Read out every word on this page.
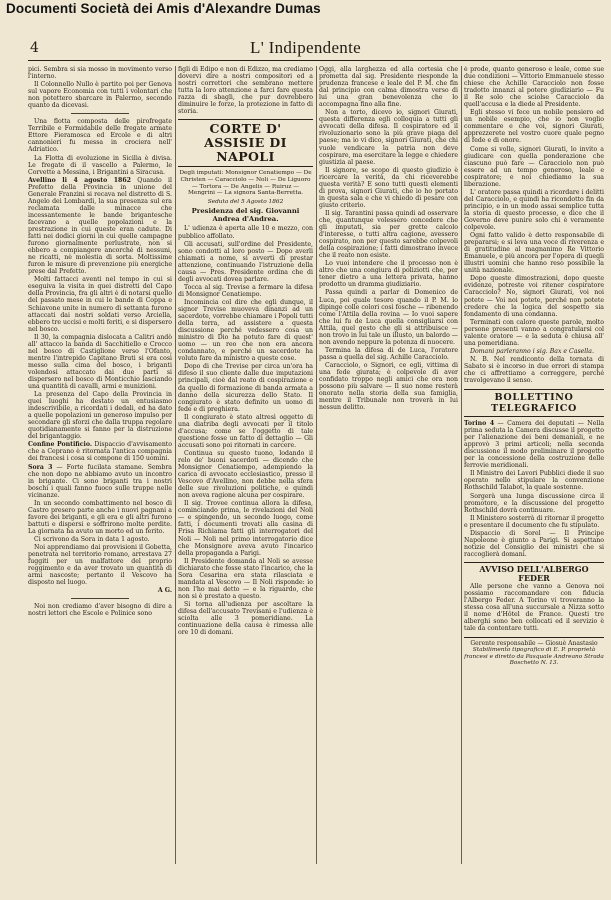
Documenti Società dei Amis d'Alexandre Dumas
4	L' Indipendente

pici. Sembra si sia mosso in movimento verso l'interno.

Il Colonnello Nullo è partito poi per Genova sul vapore Economia con tutti i volontari che non potettero sbarcare in Palermo, secondo quanto da dicevasi.

Una flotta composta delle pirofregate Terribile e Formidabile delle fregate armate Ettore Fieramosca ed Ercole e di altri cannonieri fu messa in crociera nell' Adriatico.

La Flotta di evoluzione in Sicilia è divisa. Le fregate di il vascello a Palermo, le Corvette a Messina, i Brigantini a Siracusa.

Avellino li 4 agosto 1862 Quando il Prefetto della Provincia in unione del Generale Franzini si recava nel distretto di S. Angelo dei Lombardi, la sua presenza sul era reclamata dalle minacce che incessantemente le bande brigantesche facevano a quelle popolazioni e la prestrazione in cui queste eran cadute. Di fatti nei dodici giorni in cui quelle campagne furono giornalmente perlustrate, non si ebbero a compiangere ancorché di nessuni, ne ricatti, nè molestia di sorta. Moltissime furon le misure di prevenzione più energiche prese dal Prefetto.

Molti fattacci aventi nel tempo in cui si eseguiva la visita in quei distretti del Capo della Provincia, fra gli altri è di notarsi quello del passato mese in cui le bande di Coppa e Schiavone unite in numero di settanta furono attaccati dai nostri soldati verso Arciella, ebbero tre uccisi e molti feriti, e si dispersero nel bosco.

Il 30, la compagnia dislocata a Calitri andò all' attacco la banda di Sacchitiello e Crocco nel bosco di Castiglione verso l'Ofanto, mentre l'intrepido Capitano Bruti si era così messo sulla cima del bosco, i briganti volendosi attaccato dai due parti si dispersero nel bosco di Monticchio lasciando una quantità di cavalli, armi e munizioni.

La presenza del Capo della Provincia in quei luoghi ha destato un entusiasmo indescrivibile, a ricordati i dedali, ed ha dato a quelle popolazioni un generoso impulso per secondare gli sforzi che dalla truppa regolare quotidianamente si fanno per la distruzione del brigantaggio.

Confine Pontificio. Dispaccio d'avvisamento che a Ceprano è ritornata l'antica compagnia dei francesi i cosa si compone di 150 uomini.

Sora 3 — Forte fucilata stamane. Sembra che non dopo ne abbiamo avuto un incontro in brigante. Ci sono briganti tra i nostri boschi i quali fanno fuoco sulle truppe nelle vicinanze.

In un secondo combattimento nel bosco di Castro presero parte anche i nuovi pagnani a favore dei briganti, e gli era e gli altri furono battuti e dispersi e soffrirono molte perdite. La giornata ha avuto un morto ed un ferito.

Ci scrivono da Sora in data 1 agosto.

Noi apprendiamo dai provvisioni il Gobetta, penetrata nel territorio romano, arrestava 27 fuggiti per un malfattore del proprio reggimento e da aver trovato un quantità di armi nascoste; pertanto il Vescovo ha disposto nel luogo.

A G.

Noi non crediamo d'aver bisogno di dire a nostri lettori che Escole e Polinice sono

figli di Edipo e non di Edizzo, ma crediamo dovervi dire a nostri compositori ed a nostri correttori che sembrano mettere tutta la loro attenzione a farci fare questa razza di sbagli, che pur dovrebbero diminuire le forze, la protezione in fatto di storia.

CORTE D' ASSISIE DI NAPOLI
Degli imputati: Monsignor Cenatiempo — De Christen — Caracciolo — Noli — De Liguoro — Tortora — De Angelis — Ruiruz — Mengrini — La signora Santa-Berretta.
Seduta del 5 Agosto 1862
Presidenza del sig. Giovanni Andrea d'Andrea.

L' udienza è aperta alle 10 e mezzo, con pubblico affollato.

Gli accusati, sull'ordine del Presidente, sono condotti al loro posto — Dopo averli chiamati a nome, si avvertì di prestar attenzione, continuando l'istruzione della causa — Pres. Presidente ordina che di degli avvocati dovea parlare.

Tocca al sig. Trevise a fermare la difesa di Monsignor Cenatiempo.

Incomincia col dire che egli dunque, il signor Trevise muoveva dinanzi ad un sacerdote, vorrebbe chiamare i Popoli tutti della terra, ad assistere a questa discussione perché vedessero cosa un ministro di Dio ha potuto fare di quest' uomo — un reo che non era ancora condannato, e perché un sacerdote ha voluto fare da ministro a queste cose.

Dopo di che Trevise per circa un'ora ha difeso il suo cliente dalle due imputazioni principali, cioè dal reato di cospirazione e da quello di formazione di banda armata a danno della sicurezza dello Stato. Il congiurato è stato definito un uomo di fede e di preghiera.

Il congiurato è stato altresì oggetto di una diatriba degli avvocati per il titolo d'accusa; come se l'oggetto di tale questione fosse un fatto di dettaglio — Gli accusati sono poi ritornati in carcere.

Continua su questo tuono, lodando il relo de' buoni sacerdoti — dicendo che Monsignor Cenatiempo, adempiendo la carica di avvocato ecclesiastico, presso il Vescovo d'Avellino, non debbe nella sfera delle sue rivoluzioni politiche, e quindi non aveva ragione alcuna per cospirare.

Il sig. Trovee continua allora la difesa, cominciando prima, le rivelazioni del Noli — e spingendo, un secondo luogo, come fatti, i documenti trovati alla casina di Frisa Richiama fatti gli interrogatori del Noli — Noli nel primo interrogatorio dice che Monsignore aveva avuto l'incarico della propaganda a Parigi.

Il Presidente domanda al Noli se avesse dichiarato che fosse stato l'incarico, che la Sora Cesarina era stata rilasciata e mandata al Vescovo — Il Noli risponde: io non l'ho mai detto — e la riguardo, che non si è prestato a questo.

Si torna all'udienza per ascoltare la difesa dell'accusato Trevisani e l'udienza è sciolta alle 3 pomeridiane. La continuazione della causa è rimessa alle ore 10 di domani.

Oggi, alla larghezza ed alla cortesia che prometta dal sig. Presidente riesponde la prudenza francese e leale del P. M. che fin dal principio con calma dimostra verso di lui una gran benevolenza che lo accompagna fino alla fine.

Non a torto, dicevo io, signori Giurati, questa differenza egli colloquia a tutti gli avvocati della difesa. Il cospiratore ed il rivoluzionario sono la più grave piaga del paese; ma io vi dico, signori Giurati, che chi vuole vendicare la patria non deve cospirare, ma esercitare la legge e chiedere giustizia al paese.

Il signore, se scopo di questo giudizio è ricercare la verità, da chi riceverebbe questa verità? E sono tutti questi elementi di prova, signori Giurati, che io ho portato in questa sala e che vi chiedo di pesare con giusto criterio.

Il sig. Tarantini passa quindi ad osservare che, quantunque volessero concedere che gli imputati, sia per grette calcolo d'interesse, o tutti altra cagione, avessero cospirato, non per questo sarebbe colpevoli della cospirazione; i fatti dimostrano invece che il reato non esiste.

Lo vuoi intendere che il processo non è altro che una congiura di poliziotti che, per tener dietro a una lettera privata, hanno prodotto un dramma giudiziario.

Passa quindi a parlar di Domenico de Luca, poi quale tesoro quando il P. M. lo dipinge colle colori così fosche — ribenendo come l'Attila della rovina — Io vuoi sapere che lui fu de Luca quella consigliarsi con Attila, quel gesto che gli si attribuisce — non trovo in lui tale un illusto, un balordo — non avendo neppure la potenza di nuocere.

Termina la difesa di de Luca, l'oratore passa a quella del sig. Achille Caracciolo.

Caracciolo, o Signori, ce egli, vittima di una fede giurata; è colpevole di aver confidato troppo negli amici che ora non possono più salvare — Il suo nome resterà onorato nella storia della sua famiglia, mentre il Tribunale non troverà in lui nessun delitto.

è prode, quanto generoso e leale, come sue due condizioni — Vittorio Emmanuele stesso chiese che Achille Caracciolo non fosse tradotto innanzi al potere giudiziario — Fu il Re solo che sciolse Caracciolo da quell'accusa e la diede al Presidente.

Egli stesso vi fece un nobile pensiero ed un nobile esempio, che io non voglio commentare e che voi, signori Giurati, apprezzerete nel vostro cuore quale pegno di fede e di onore.

Come si volle, signori Giurati, lo invito a giudicare con quella ponderazione che ciascuno può fare — Caracciolo non può essere ad un tempo generoso, leale e cospiratore; e noi chiediamo la sua liberazione.

L' oratore passa quindi a ricordare i delitti del Caracciolo, e quindi ha ricondotto fin da principio, e in un modo assai semplice tutta la storia di questo processo, e dice che il Governo deve punire solo chi è veramente colpevole.

Ogni fatto valido è detto responsabile di prepararsi; e si leva una voce di riverenza e di gratitudine al magnanimo Re Vittorio Emanuele, e più ancora per l'opera di quegli illustri uomini che hanno reso possibile la unità nazionale.

Dopo queste dimostrazioni, dopo queste evidenze, potreste voi ritener cospiratore Caracciolo? No, signori Giurati, voi noi potete — Voi noi potete, perché non potete credere che la logica del sospetto sia fondamento di una condanna.

Terminati con calore queste parole, molto persone presenti vanno a congratularsi col valente oratore — e la seduta è chiusa all' una pomeridiana.

Domani parleranno i sig. Bax e Casella.

N. B. Nel rendiconto della tornata di Sabato si è incorso in due errori di stampa che ci affrettiamo a correggere, perché travolgevano il senso.

BOLLETTINO TELEGRAFICO

Torino 4 — Camera dei deputati — Nella prima seduta la Camera discusse il progetto per l'alienazione dei beni demaniali, e ne approvò 3 primi articoli; nella seconda discussione il modo preliminare il progetto per la concessione della costruzione delle ferrovie meridionali.

Il Ministro dei Lavori Pubblici diede il suo operato nello stipulare la convenzione Rothschild Talabot, la quale sostenne.

Sorgerà una lunga discussione circa il promotore, e la discussione del progetto Rothschild dovrà continuare.

Il Ministero sosterrà di ritornar il progetto e presentare il documento che fu stipulato.

Dispaccio di Sorel — Il Principe Napoleone è giunto a Parigi. Si aspettano notizie del Consiglio dei ministri che si raccoglierà domani.

AVVISO DELL'ALBERGO FEDER

Alle persone che vanno a Genova noi possiamo raccomandare con fiducia l'Albergo Feder. A Torino vi troveranno la stessa cosa all'una succursale a Nizza sotto il nome d'Hôtel de France. Questi tre alberghi sono ben collocati ed il servizio è tale da contentare tutti.

Gerente responsabile — Giosuè Anastasio
Stabilimento tipografico di E. P. proprietà francesi e diretto da Pasquale Andreano Strada Boschetto N. 13.
